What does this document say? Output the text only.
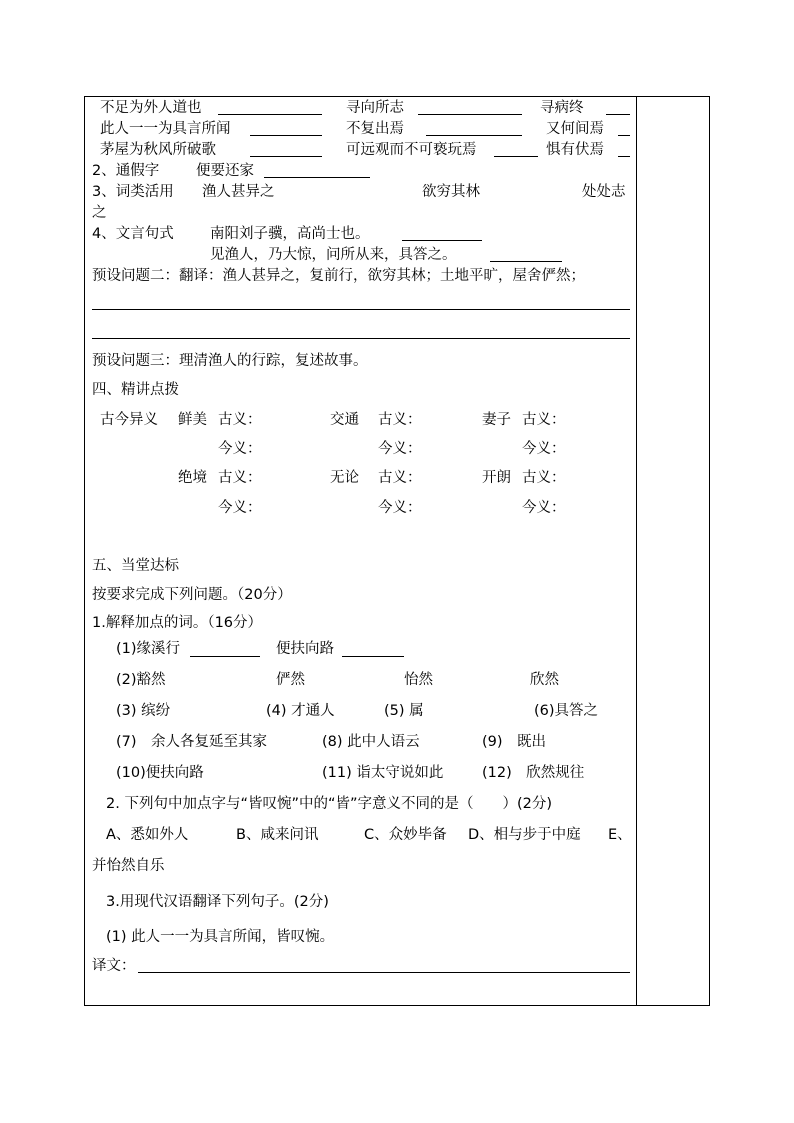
不足为外人道也	寻向所志	寻病终
此人一一为具言所闻	不复出焉	又何间焉
茅屋为秋风所破歌	可远观而不可亵玩焉	惧有伏焉
2、通假字	便要还家
3、词类活用 渔人甚异之	欲穷其林	处处志
之
4、文言句式	南阳刘子骥，高尚士也。
见渔人，乃大惊，问所从来，具答之。
预设问题二：翻译：渔人甚异之，复前行，欲穷其林；土地平旷，屋舍俨然；
预设问题三：理清渔人的行踪，复述故事。
四、精讲点拨
古今异义 鲜美 古义：	交通 古义：	妻子 古义：
今义：	今义：	今义：
绝境 古义：	无论 古义：	开朗 古义：
今义：	今义：	今义：
五、当堂达标
按要求完成下列问题。（20分）
1.解释加点的词。（16分）
(1)缘溪行	便扶向路
(2)豁然	俨然	怡然	欣然
(3) 缤纷	(4) 才通人	(5) 属	(6)具答之
(7)　余人各复延至其家	(8) 此中人语云	(9)　既出
(10)便扶向路	(11) 诣太守说如此	(12)　欣然规往
2. 下列句中加点字与“皆叹惋”中的“皆”字意义不同的是（　　）(2分)
A、悉如外人	B、咸来问讯	C、众妙毕备 D、相与步于中庭 E、
并怡然自乐
3.用现代汉语翻译下列句子。(2分)
(1) 此人一一为具言所闻，皆叹惋。
译文：
